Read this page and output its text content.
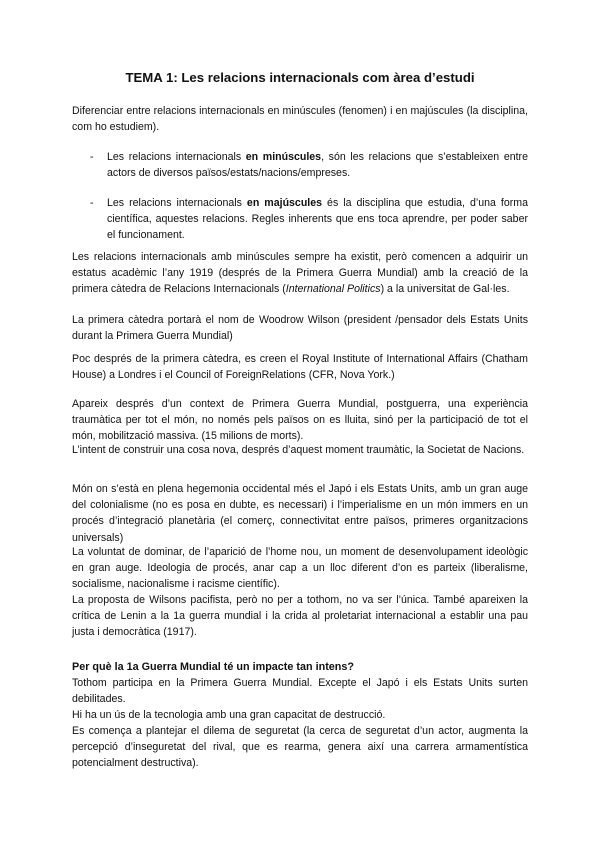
TEMA 1: Les relacions internacionals com àrea d’estudi

Diferenciar entre relacions internacionals en minúscules (fenomen) i en majúscules (la disciplina, com ho estudiem).

- Les relacions internacionals en minúscules, són les relacions que s’estableixen entre actors de diversos països/estats/nacions/empreses.

- Les relacions internacionals en majúscules és la disciplina que estudia, d’una forma científica, aquestes relacions. Regles inherents que ens toca aprendre, per poder saber el funcionament.

Les relacions internacionals amb minúscules sempre ha existit, però comencen a adquirir un estatus acadèmic l’any 1919 (després de la Primera Guerra Mundial) amb la creació de la primera càtedra de Relacions Internacionals (International Politics) a la universitat de Gal·les.

La primera càtedra portarà el nom de Woodrow Wilson (president /pensador dels Estats Units durant la Primera Guerra Mundial)

Poc després de la primera càtedra, es creen el Royal Institute of International Affairs (Chatham House) a Londres i el Council of ForeignRelations (CFR, Nova York.)

Apareix després d’un context de Primera Guerra Mundial, postguerra, una experiència traumàtica per tot el món, no només pels països on es lluita, sinó per la participació de tot el món, mobilització massiva. (15 milions de morts).

L’intent de construir una cosa nova, després d’aquest moment traumàtic, la Societat de Nacions.

Món on s’està en plena hegemonia occidental més el Japó i els Estats Units, amb un gran auge del colonialisme (no es posa en dubte, es necessari) i l’imperialisme en un món immers en un procés d’integració planetària (el comerç, connectivitat entre països, primeres organitzacions universals)

La voluntat de dominar, de l’aparició de l’home nou, un moment de desenvolupament ideològic en gran auge. Ideologia de procés, anar cap a un lloc diferent d’on es parteix (liberalisme, socialisme, nacionalisme i racisme científic).

La proposta de Wilsons pacifista, però no per a tothom, no va ser l’única. També apareixen la crítica de Lenin a la 1a guerra mundial i la crida al proletariat internacional a establir una pau justa i democràtica (1917).

Per què la 1a Guerra Mundial té un impacte tan intens?

Tothom participa en la Primera Guerra Mundial. Excepte el Japó i els Estats Units surten debilitades.

Hi ha un ús de la tecnologia amb una gran capacitat de destrucció.

Es comença a plantejar el dilema de seguretat (la cerca de seguretat d’un actor, augmenta la percepció d’inseguretat del rival, que es rearma, genera així una carrera armamentística potencialment destructiva).
